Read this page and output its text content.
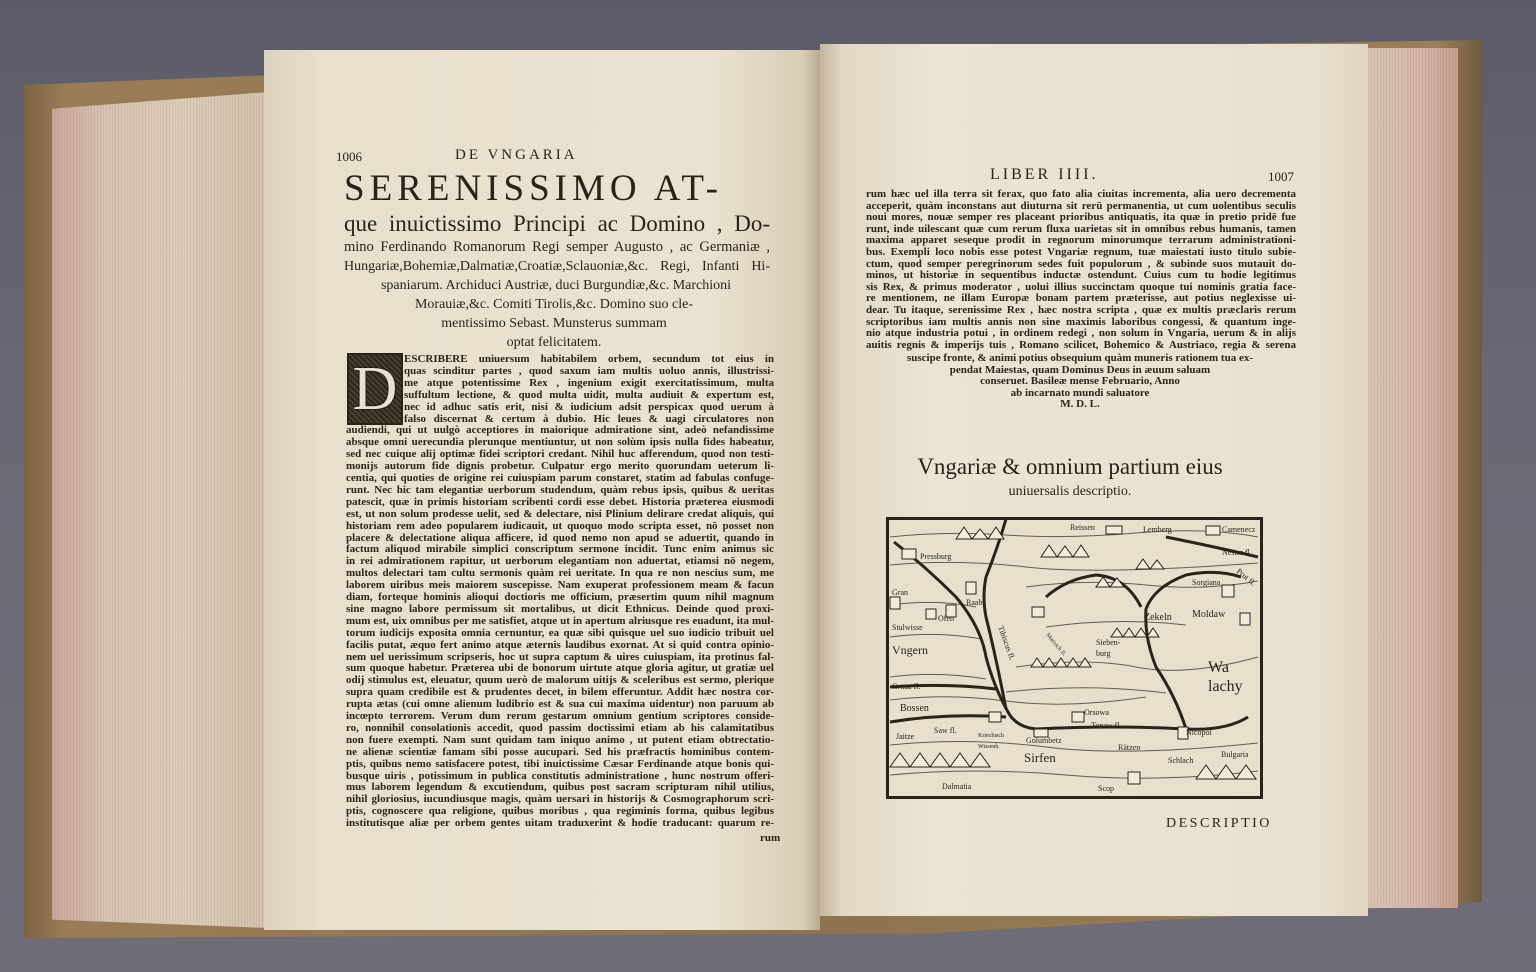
1006	DE VNGARIA
SERENISSIMO AT-
que inuictissimo Principi ac Domino , Do-
mino Ferdinando Romanorum Regi semper Augusto , ac Germaniæ ,
Hungariæ,Bohemiæ,Dalmatiæ,Croatiæ,Sclauoniæ,&c. Regi, Infanti Hi-
spaniarum. Archiduci Austriæ, duci Burgundiæ,&c. Marchioni
Morauiæ,&c. Comiti Tirolis,&c. Domino suo cle-
mentissimo Sebast. Munsterus summam
optat felicitatem.
D ESCRIBERE uniuersum habitabilem orbem, secundum tot eius in
quas scinditur partes , quod saxum iam multis uoluo annis, illustrissi-
me atque potentissime Rex , ingenium exigit exercitatissimum, multa
suffultum lectione, & quod multa uidit, multa audiuit & expertum est,
nec id adhuc satis erit, nisi & iudicium adsit perspicax quod uerum à
falso discernat & certum à dubio. Hic leues & uagi circulatores non
audiendi, qui ut uulgò acceptiores in maiorique admiratione sint, adeò nefandissime
absque omni uerecundia plerunque mentiuntur, ut non solùm ipsis nulla fides habeatur,
sed nec cuique alij optimæ fidei scriptori credant. Nihil huc afferendum, quod non testi-
monijs autorum fide dignis probetur. Culpatur ergo merito quorundam ueterum li-
centia, qui quoties de origine rei cuiuspiam parum constaret, statim ad fabulas confuge-
runt. Nec hic tam elegantiæ uerborum studendum, quàm rebus ipsis, quibus & ueritas
patescit, quæ in primis historiam scribenti cordi esse debet. Historia præterea eiusmodi
est, ut non solum prodesse uelit, sed & delectare, nisi Plinium delirare credat aliquis, qui
historiam rem adeo popularem iudicauit, ut quoquo modo scripta esset, nō posset non
placere & delectatione aliqua afficere, id quod nemo non apud se aduertit, quando in
factum aliquod mirabile simplici conscriptum sermone incidit. Tunc enim animus sic
in rei admirationem rapitur, ut uerborum elegantiam non aduertat, etiamsi nō negem,
multos delectari tam cultu sermonis quàm rei ueritate. In qua re non nescius sum, me
laborem uiribus meis maiorem suscepisse. Nam exuperat professionem meam & facun
diam, forteque hominis alioqui doctioris me officium, præsertim quum nihil magnum
sine magno labore permissum sit mortalibus, ut dicit Ethnicus. Deinde quod proxi-
mum est, uix omnibus per me satisfiet, atque ut in apertum alriusque res euadunt, ita mul-
torum iudicijs exposita omnia cernuntur, ea quæ sibi quisque uel suo iudicio tribuit uel
facilis putat, æquo fert animo atque æternis laudibus exornat. At si quid contra opinio-
nem uel uerissimum scripseris, hoc ut supra captum & uires cuiuspiam, ita protinus fal-
sum quoque habetur. Præterea ubi de bonorum uirtute atque gloria agitur, ut gratiæ uel
odij stimulus est, eleuatur, quum uerò de malorum uitijs & sceleribus est sermo, plerique
supra quam credibile est & prudentes decet, in bilem efferuntur. Addit hæc nostra cor-
rupta ætas (cui omne alienum ludibrio est & sua cui maxima uidentur) non paruum ab
incœpto terrorem. Verum dum rerum gestarum omnium gentium scriptores conside-
ro, nonnihil consolationis accedit, quod passim doctissimi etiam ab his calamitatibus
non fuere exempti. Nam sunt quidam tam iniquo animo , ut putent etiam obtrectatio-
ne alienæ scientiæ famam sibi posse aucupari. Sed his præfractis hominibus contem-
ptis, quibus nemo satisfacere potest, tibi inuictissime Cæsar Ferdinande atque bonis qui-
busque uiris , potissimum in publica constitutis administratione , hunc nostrum offeri-
mus laborem legendum & excutiendum, quibus post sacram scripturam nihil utilius,
nihil gloriosius, iucundiusque magis, quàm uersari in historijs & Cosmographorum scri-
ptis, cognoscere qua religione, quibus moribus , qua regiminis forma, quibus legibus
institutisque aliæ per orbem gentes uitam traduxerint & hodie traducant: quarum re-
rum
LIBER IIII.	1007
rum hæc uel illa terra sit ferax, quo fato alia ciuitas incrementa, alia uero decrementa
acceperit, quàm inconstans aut diuturna sit rerū permanentia, ut cum uolentibus seculis
noui mores, nouæ semper res placeant prioribus antiquatis, ita quæ in pretio pridē fue
runt, inde uilescant quæ cum rerum fluxa uarietas sit in omnibus rebus humanis, tamen
maxima apparet seseque prodit in regnorum minorumque terrarum administrationi-
bus. Exempli loco nobis esse potest Vngariæ regnum, tuæ maiestati iusto titulo subie-
ctum, quod semper peregrinorum sedes fuit populorum , & subinde suos mutauit do-
minos, ut historiæ in sequentibus inductæ ostendunt. Cuius cum tu hodie legitimus
sis Rex, & primus moderator , uolui illius succinctam quoque tui nominis gratia face-
re mentionem, ne illam Europæ bonam partem præterisse, aut potius neglexisse ui-
dear. Tu itaque, serenissime Rex , hæc nostra scripta , quæ ex multis præclaris rerum
scriptoribus iam multis annis non sine maximis laboribus congessi, & quantum inge-
nio atque industria potui , in ordinem redegi , non solum in Vngaria, uerum & in alijs
auitis regnis & imperijs tuis , Romano scilicet, Bohemico & Austriaco, regia & serena
suscipe fronte, & animi potius obsequium quàm muneris rationem tua ex-
pendat Maiestas, quam Dominus Deus in æuum saluam
conseruet. Basileæ mense Februario, Anno
ab incarnato mundi saluatore
M. D. L.
Vngariæ & omnium partium eius
uniuersalis descriptio.
Reissen	Lemberg	Camenecz
Nester fl.
Prut fl.
Pressburg
Gran
Raab
Stulwisse
Ofen
Vngern	Tibiscus fl.
Zekeln Moldaw
Sorgiana
Sieben-
burg
Marosch fl.
Wa
lachy
Graua fl.
Bossen	Orsowa
Tonaw fl.
Nicopol
Jaitze
Saw fl.
Kriechisch
Wissenb.
Golumbetz
Sirfen
Rätzen
Schlach
Bulgaria
Dalmatia	Scop
DESCRIPTIO
